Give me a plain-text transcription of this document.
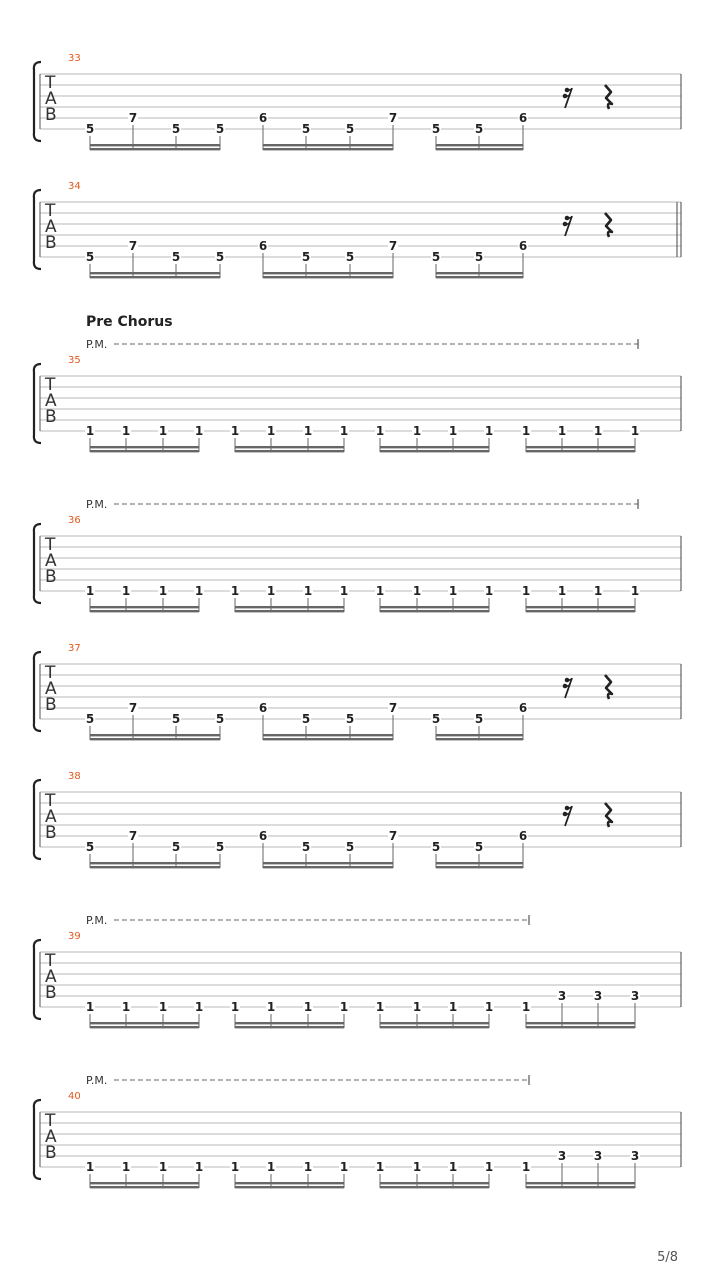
33
T
A
B
5
7
5	5
6
5	5
7
5	5
6
34
T
A
B
5
7
5	5
6
5	5
7
5	5
6
Pre Chorus
P.M.
35
T
A
B
1 1 1 1 1 1 1 1 1 1 1 1 1 1 1 1
P.M.
36
T
A
B
1 1 1 1 1 1 1 1 1 1 1 1 1 1 1 1
37
T
A
B
5
7
5	5
6
5	5
7
5	5
6
38
T
A
B
5
7
5	5
6
5	5
7
5	5
6
P.M.
39
T
A
B
1 1 1 1 1 1 1 1 1 1 1 1 1
3 3 3
P.M.
40
T
A
B
1 1 1 1 1 1 1 1 1 1 1 1 1
3 3 3
5/8
